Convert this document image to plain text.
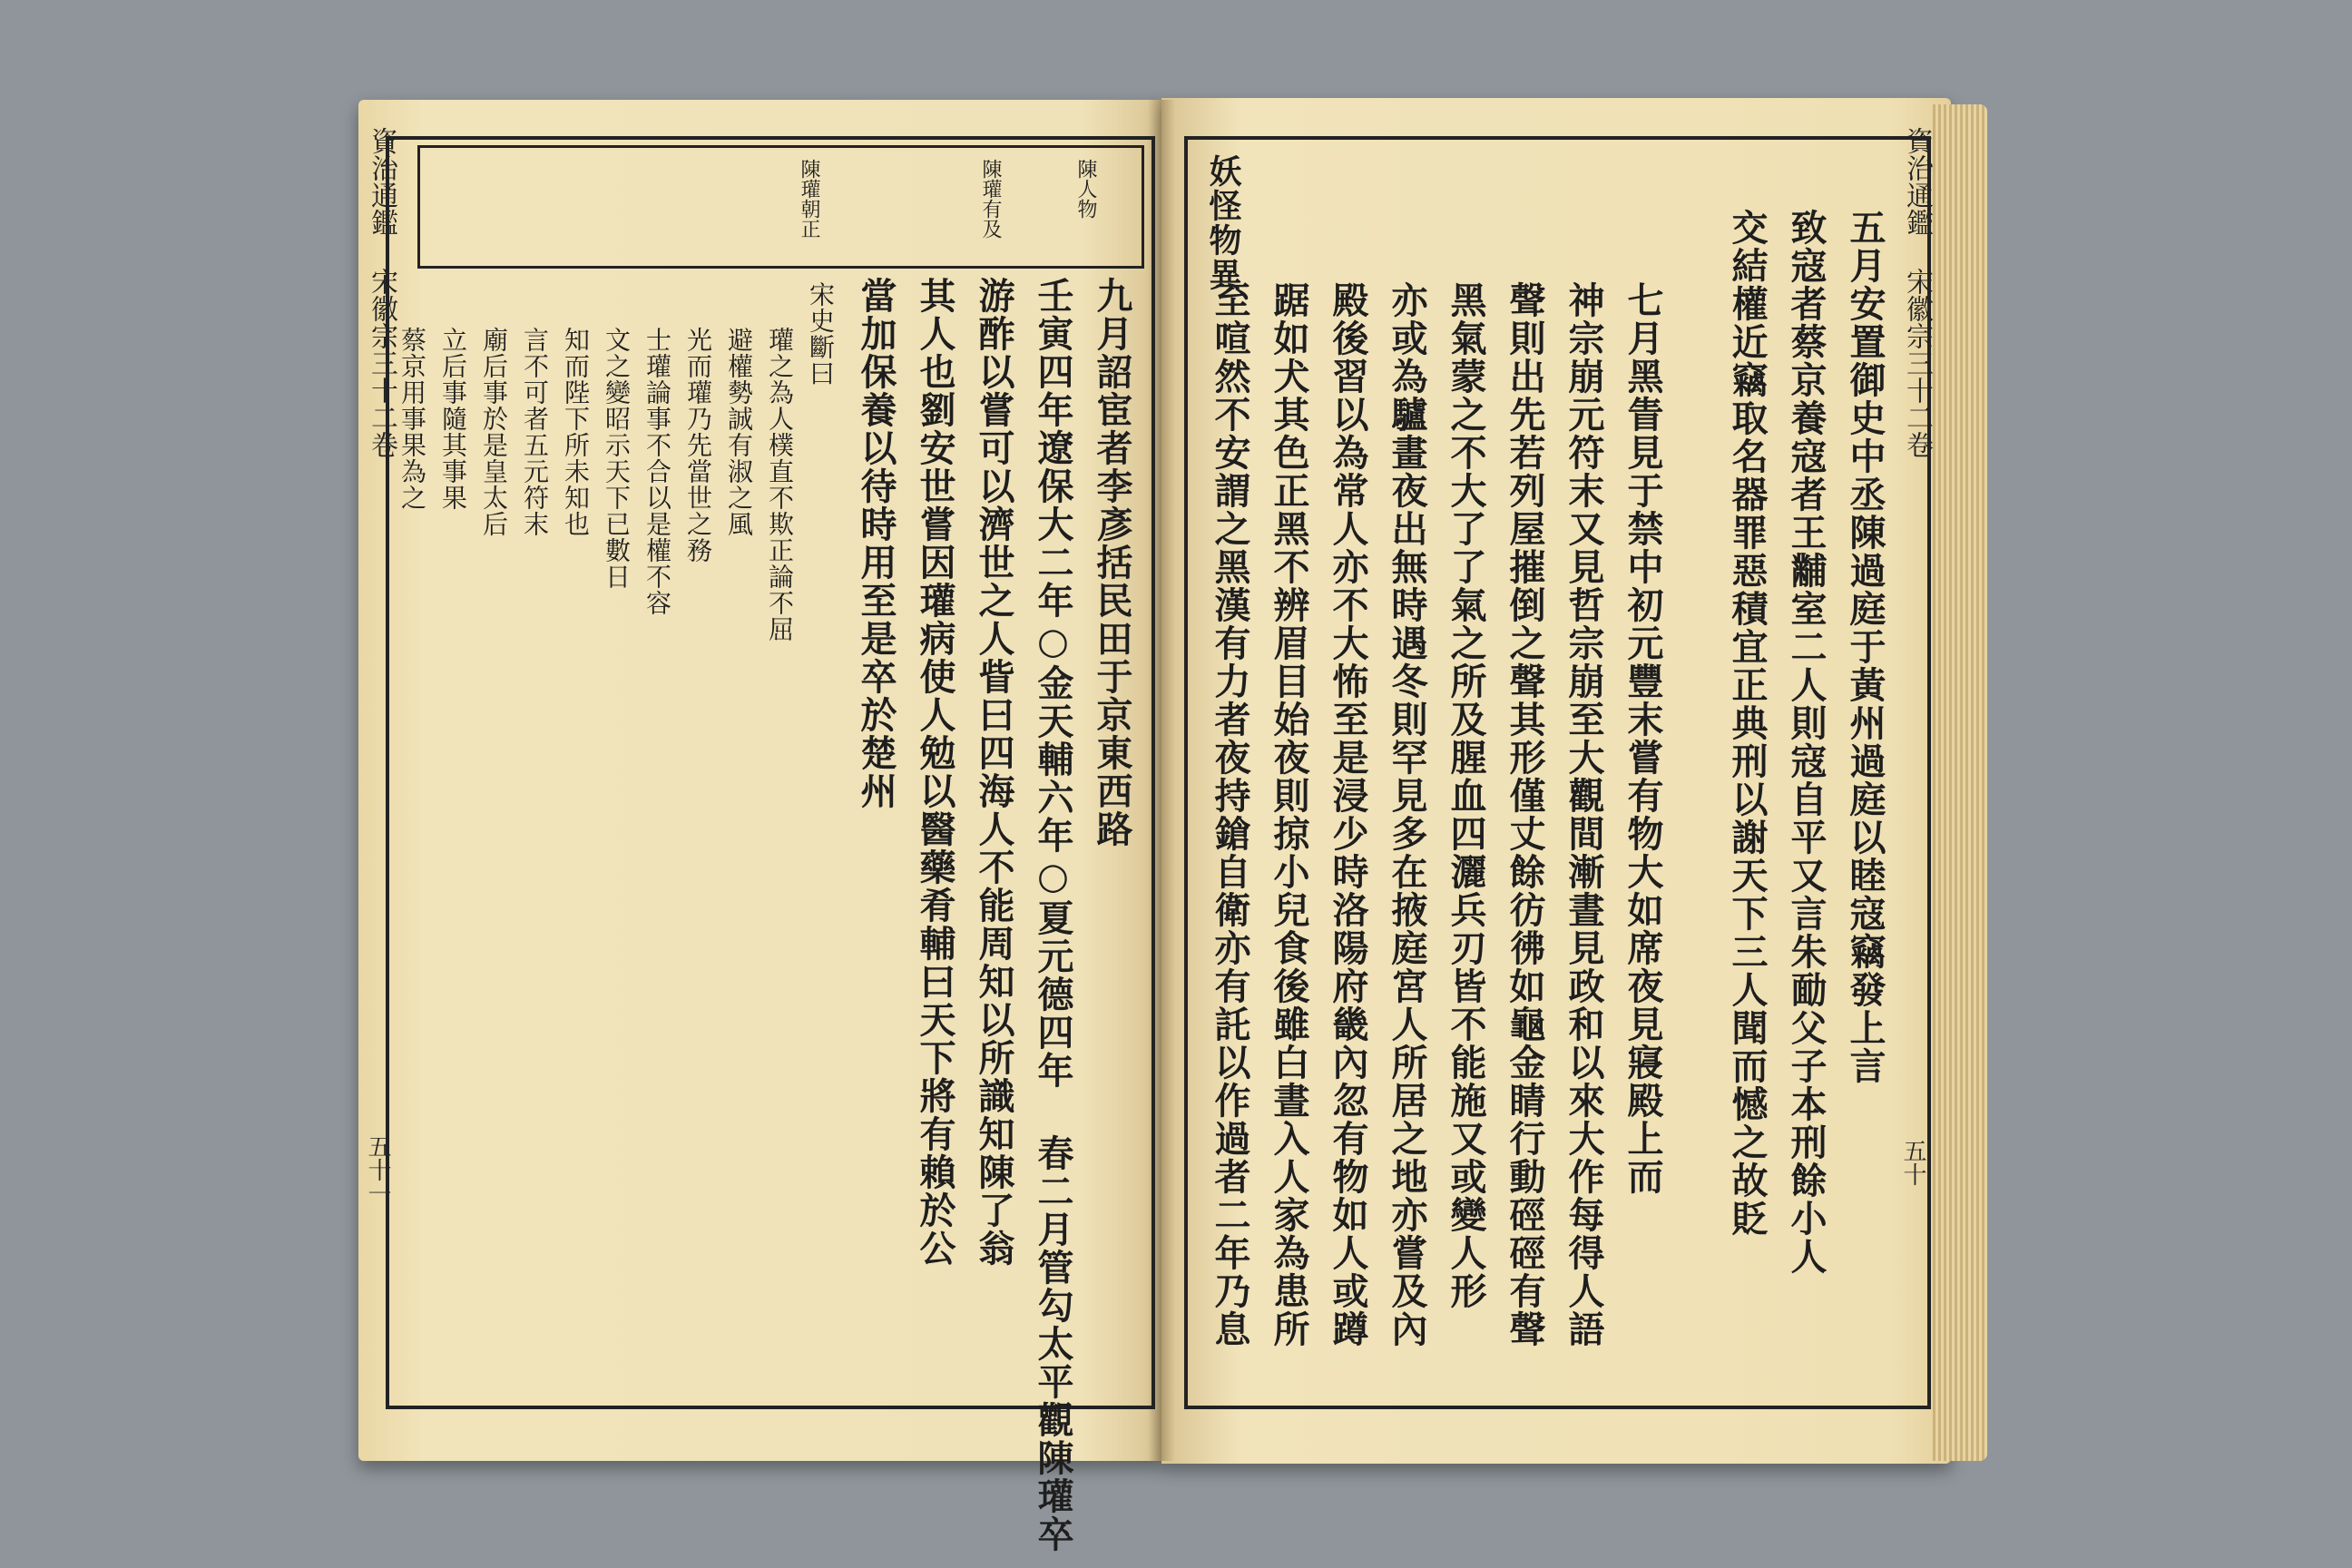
資治通鑑 宋徽宗三十二卷
五十一
陳人物
陳瓘有及
陳瓘朝正
九月詔宦者李彥括民田于京東西路
壬寅四年遼保大二年○金天輔六年○夏元德四年 春二月管勾太平觀陳瓘卒
游酢以嘗可以濟世之人眥曰四海人不能周知以所識知陳了翁
其人也劉安世嘗因瓘病使人勉以醫藥肴輔曰天下將有賴於公
當加保養以待時用至是卒於楚州
宋史斷曰
瓘之為人樸直不欺正論不屈
避權勢誠有淑之風
光而瓘乃先當世之務
士瓘論事不合以是權不容
文之變昭示天下已數日
知而陛下所未知也
言不可者五元符末
廟后事於是皇太后
立后事隨其事果
蔡京用事果為之	資治通鑑 宋徽宗三十二卷
五十
妖怪物異	五月安置御史中丞陳過庭于黃州過庭以睦寇竊發上言
致寇者蔡京養寇者王黼室二人則寇自平又言朱勔父子本刑餘小人
交結權近竊取名器罪惡積宜正典刑以謝天下三人聞而憾之故貶
七月黑眚見于禁中初元豐末嘗有物大如席夜見寢殿上而
神宗崩元符末又見哲宗崩至大觀間漸晝見政和以來大作每得人語
聲則出先若列屋摧倒之聲其形僅丈餘彷彿如龜金睛行動硜硜有聲
黑氣蒙之不大了了氣之所及腥血四灑兵刃皆不能施又或變人形
亦或為驢畫夜出無時遇冬則罕見多在掖庭宮人所居之地亦嘗及內
殿後習以為常人亦不大怖至是浸少時洛陽府畿內忽有物如人或蹲
踞如犬其色正黑不辨眉目始夜則掠小兒食後雖白晝入人家為患所
至喧然不安謂之黑漢有力者夜持鎗自衛亦有託以作過者二年乃息
